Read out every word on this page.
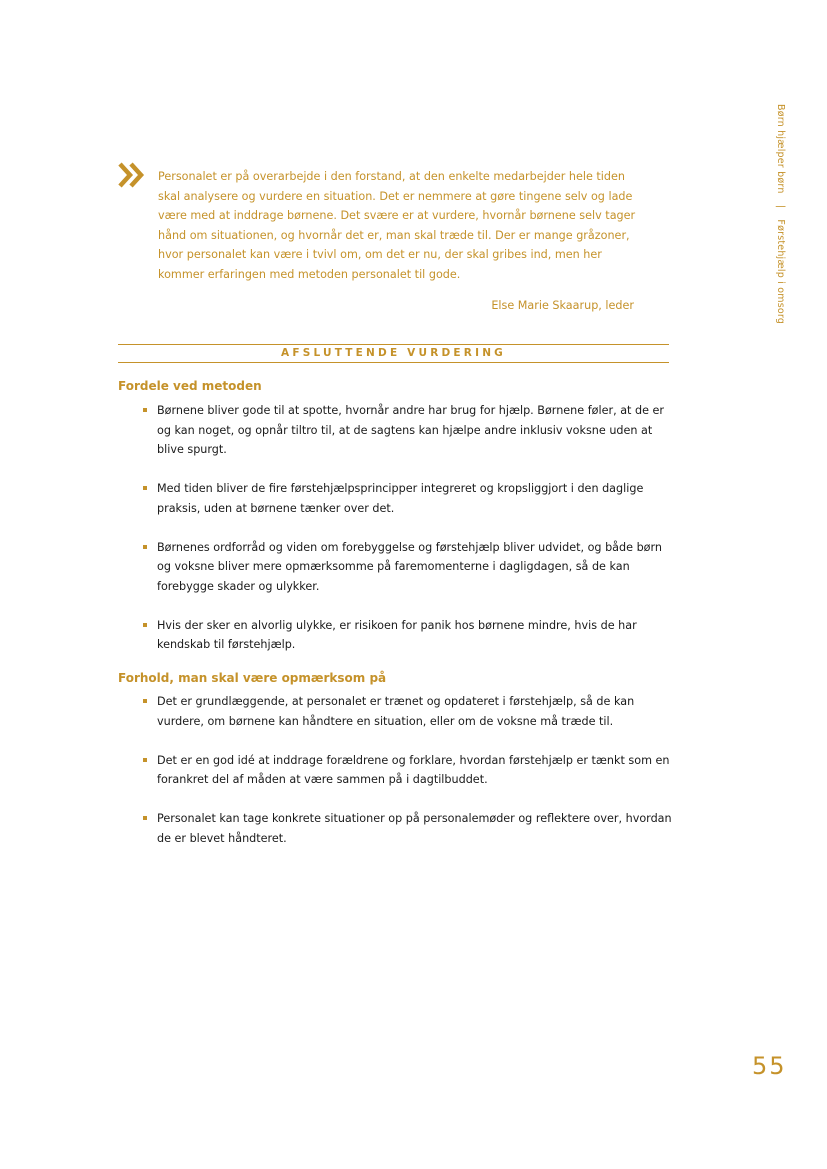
Børn hjælper børn | Førstehjælp i omsorg

Personalet er på overarbejde i den forstand, at den enkelte medarbejder hele tiden skal analysere og vurdere en situation. Det er nemmere at gøre tingene selv og lade være med at inddrage børnene. Det svære er at vurdere, hvornår børnene selv tager hånd om situationen, og hvornår det er, man skal træde til. Der er mange gråzoner, hvor personalet kan være i tvivl om, om det er nu, der skal gribes ind, men her kommer erfaringen med metoden personalet til gode.

Else Marie Skaarup, leder

AFSLUTTENDE VURDERING
Fordele ved metoden
Børnene bliver gode til at spotte, hvornår andre har brug for hjælp. Børnene føler, at de er og kan noget, og opnår tiltro til, at de sagtens kan hjælpe andre inklusiv voksne uden at blive spurgt.
Med tiden bliver de fire førstehjælpsprincipper integreret og kropsliggjort i den daglige praksis, uden at børnene tænker over det.
Børnenes ordforråd og viden om forebyggelse og førstehjælp bliver udvidet, og både børn og voksne bliver mere opmærksomme på faremomenterne i dagligdagen, så de kan forebygge skader og ulykker.
Hvis der sker en alvorlig ulykke, er risikoen for panik hos børnene mindre, hvis de har kendskab til førstehjælp.
Forhold, man skal være opmærksom på
Det er grundlæggende, at personalet er trænet og opdateret i førstehjælp, så de kan vurdere, om børnene kan håndtere en situation, eller om de voksne må træde til.
Det er en god idé at inddrage forældrene og forklare, hvordan førstehjælp er tænkt som en forankret del af måden at være sammen på i dagtilbuddet.
Personalet kan tage konkrete situationer op på personalemøder og reflektere over, hvordan de er blevet håndteret.
55
